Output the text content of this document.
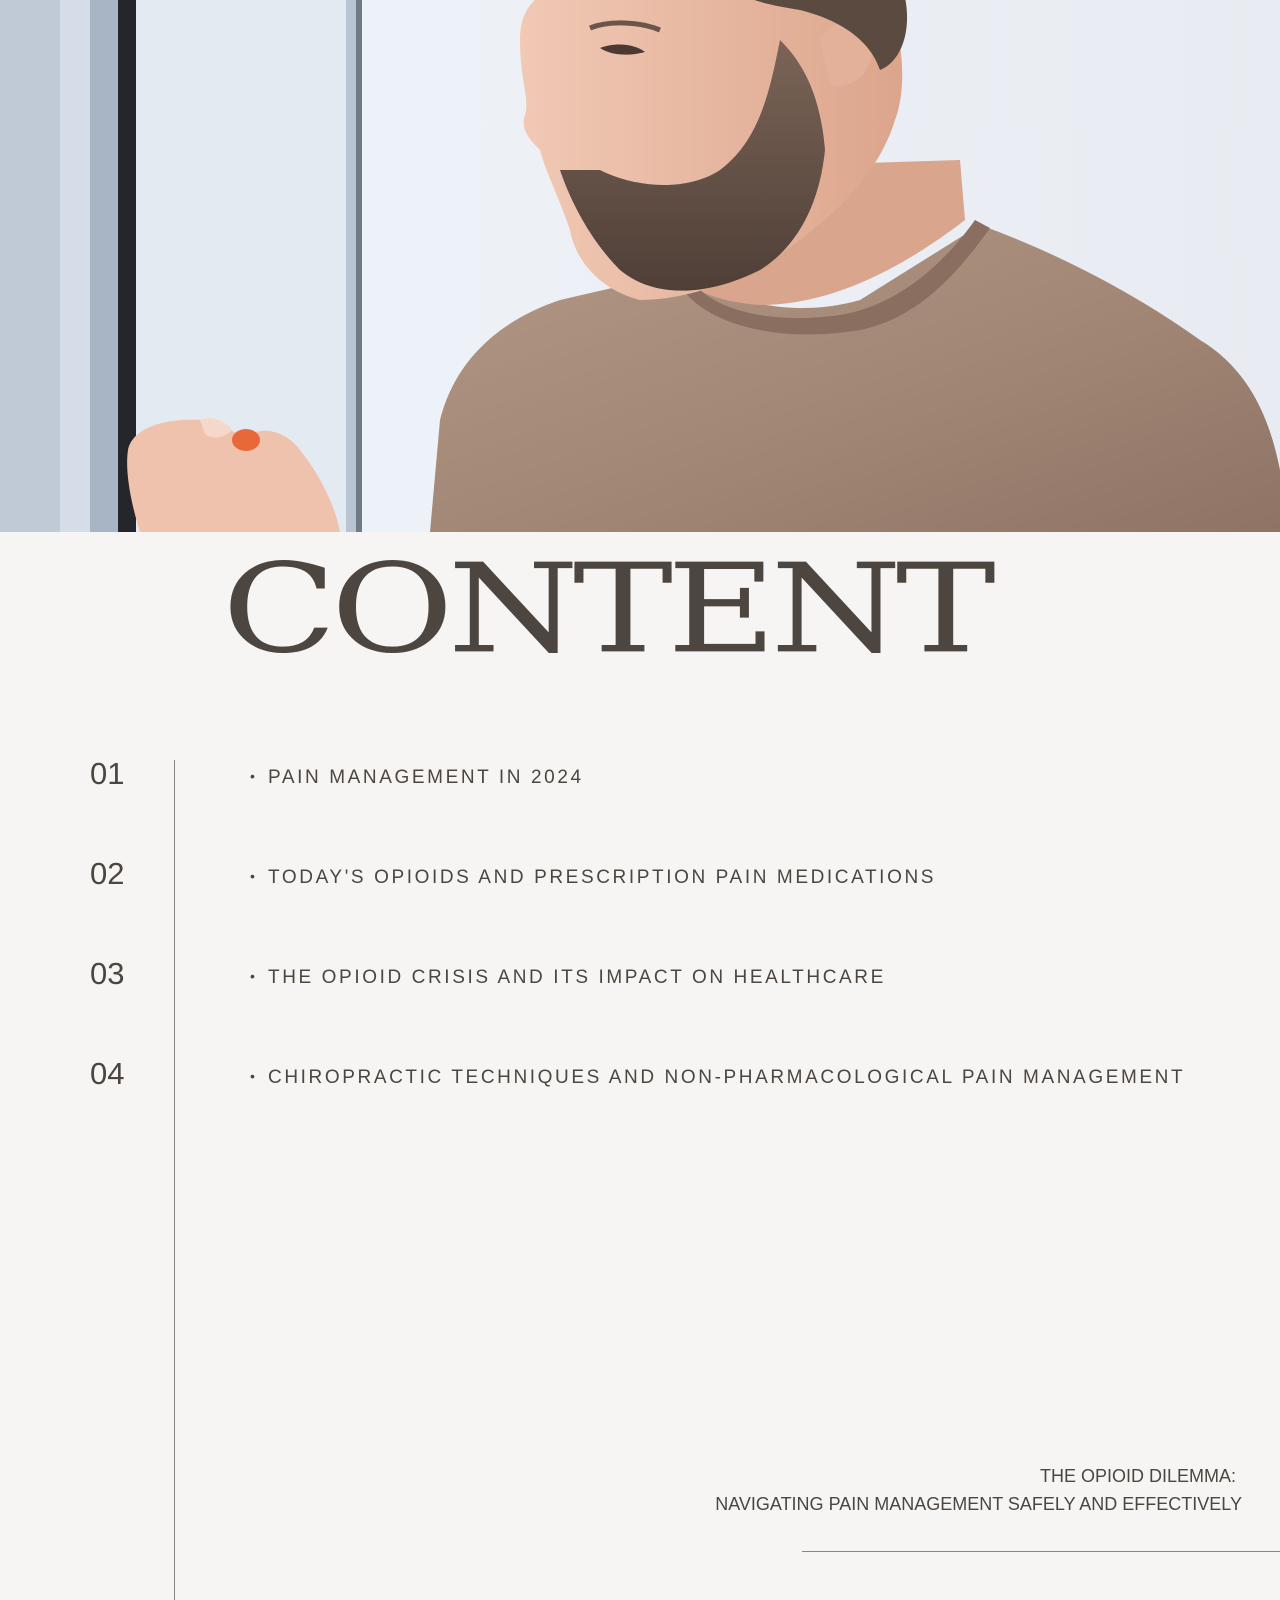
CONTENT
01	• PAIN MANAGEMENT IN 2024
02	• TODAY'S OPIOIDS AND PRESCRIPTION PAIN MEDICATIONS
03	• THE OPIOID CRISIS AND ITS IMPACT ON HEALTHCARE
04	• CHIROPRACTIC TECHNIQUES AND NON-PHARMACOLOGICAL PAIN MANAGEMENT
THE OPIOID DILEMMA:
NAVIGATING PAIN MANAGEMENT SAFELY AND EFFECTIVELY
